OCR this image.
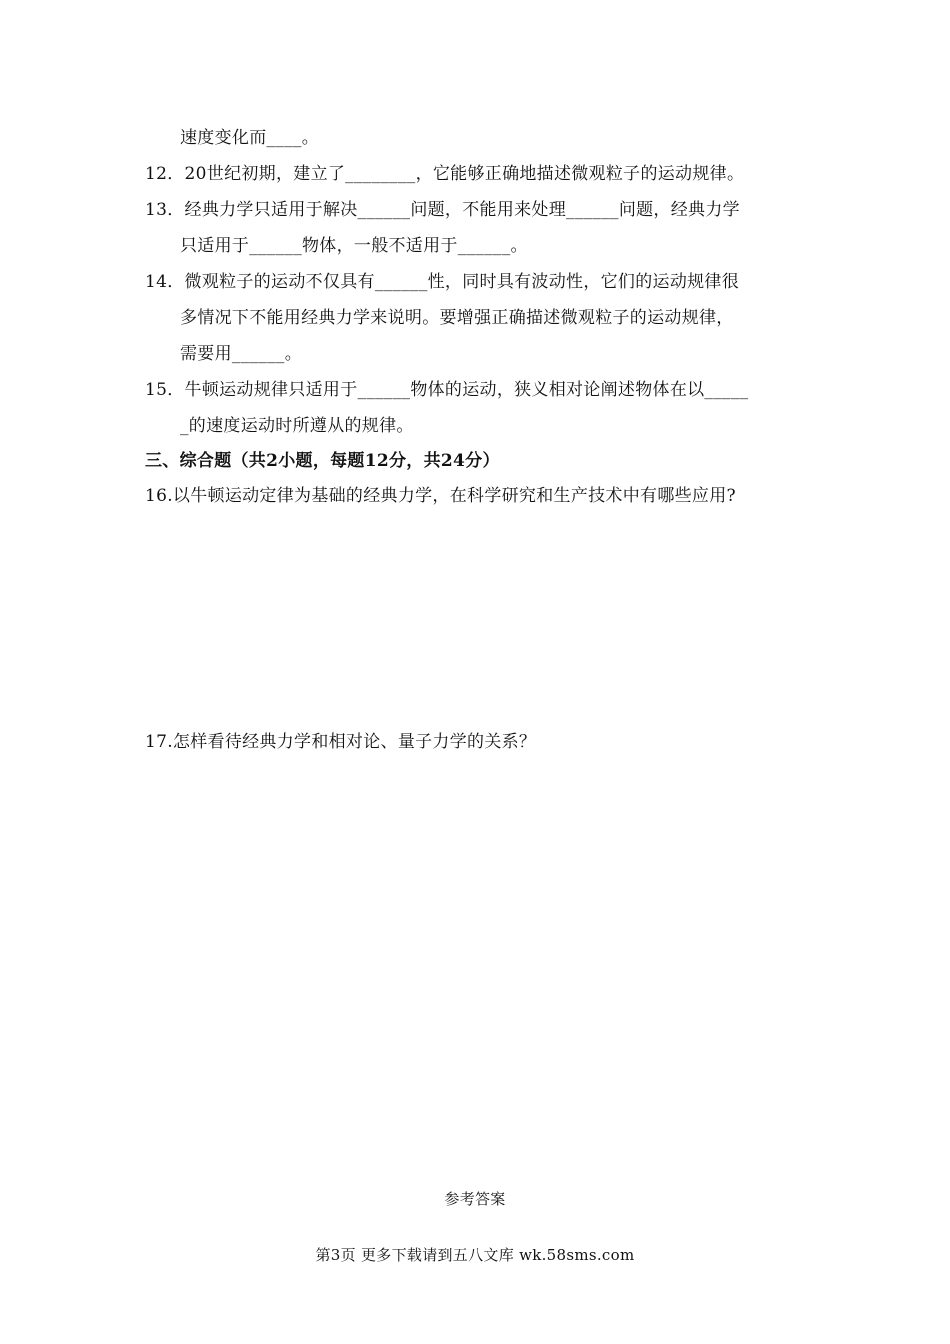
速度变化而____。
12．20世纪初期，建立了________，它能够正确地描述微观粒子的运动规律。
13．经典力学只适用于解决______问题，不能用来处理______问题，经典力学
只适用于______物体，一般不适用于______。
14．微观粒子的运动不仅具有______性，同时具有波动性，它们的运动规律很
多情况下不能用经典力学来说明。要增强正确描述微观粒子的运动规律，
需要用______。
15．牛顿运动规律只适用于______物体的运动，狭义相对论阐述物体在以_____
_的速度运动时所遵从的规律。
三、综合题（共2小题，每题12分，共24分）
16.以牛顿运动定律为基础的经典力学，在科学研究和生产技术中有哪些应用?
17.怎样看待经典力学和相对论、量子力学的关系？
参考答案
第3页 更多下载请到五八文库 wk.58sms.com
